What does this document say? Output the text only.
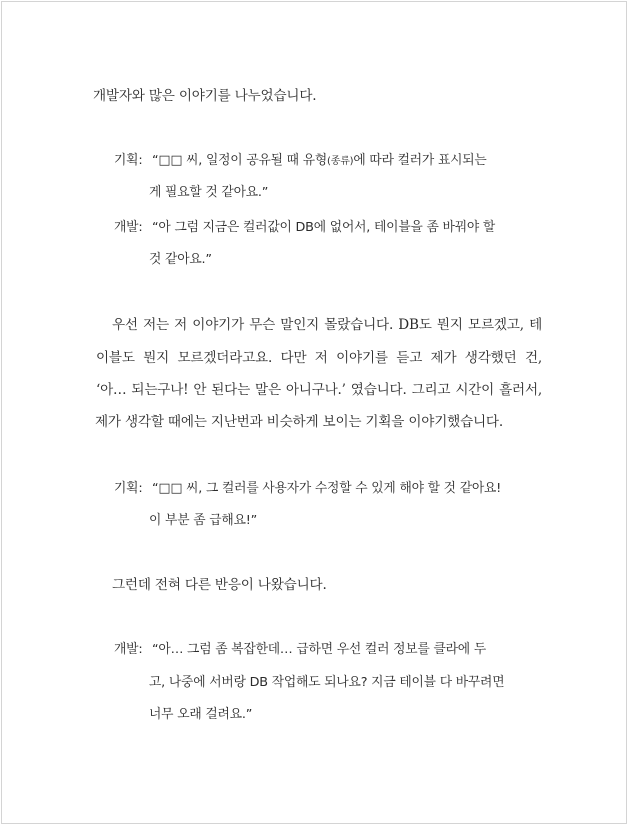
개발자와 많은 이야기를 나누었습니다.
기획: “□□ 씨, 일정이 공유될 때 유형(종류)에 따라 컬러가 표시되는
게 필요할 것 같아요.”
개발: “아 그럼 지금은 컬러값이 DB에 없어서, 테이블을 좀 바꿔야 할
것 같아요.”
우선 저는 저 이야기가 무슨 말인지 몰랐습니다. DB도 뭔지 모르겠고, 테
이블도 뭔지 모르겠더라고요. 다만 저 이야기를 듣고 제가 생각했던 건,
‘아… 되는구나! 안 된다는 말은 아니구나.’ 였습니다. 그리고 시간이 흘러서,
제가 생각할 때에는 지난번과 비슷하게 보이는 기획을 이야기했습니다.
기획: “□□ 씨, 그 컬러를 사용자가 수정할 수 있게 해야 할 것 같아요!
이 부분 좀 급해요!”
그런데 전혀 다른 반응이 나왔습니다.
개발: “아… 그럼 좀 복잡한데… 급하면 우선 컬러 정보를 클라에 두
고, 나중에 서버랑 DB 작업해도 되나요? 지금 테이블 다 바꾸려면
너무 오래 걸려요.”
